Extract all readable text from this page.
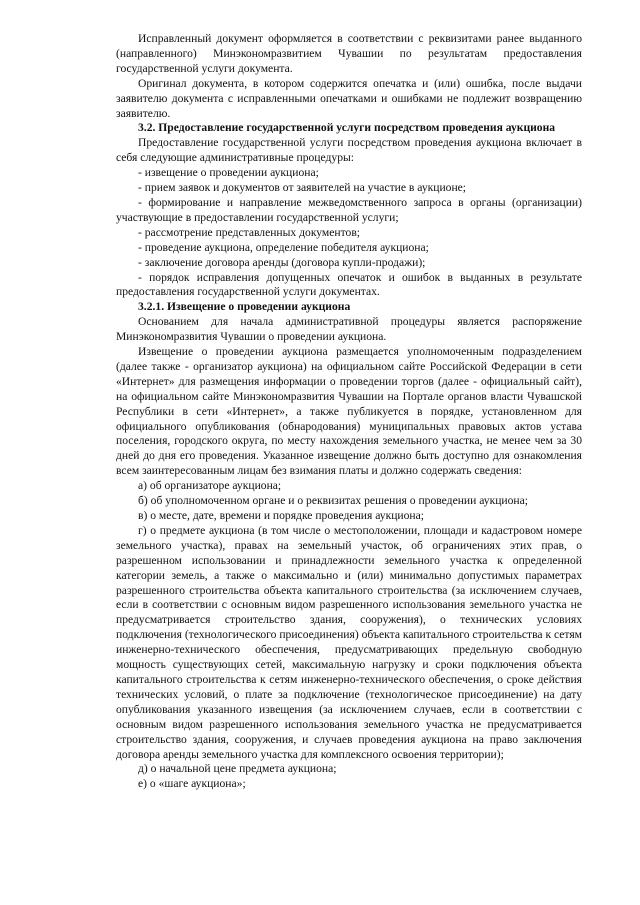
Исправленный документ оформляется в соответствии с реквизитами ранее выданного (направленного) Минэкономразвитием Чувашии по результатам предоставления государственной услуги документа.

Оригинал документа, в котором содержится опечатка и (или) ошибка, после выдачи заявителю документа с исправленными опечатками и ошибками не подлежит возвращению заявителю.

3.2. Предоставление государственной услуги посредством проведения аукциона

Предоставление государственной услуги посредством проведения аукциона включает в себя следующие административные процедуры:

- извещение о проведении аукциона;

- прием заявок и документов от заявителей на участие в аукционе;

- формирование и направление межведомственного запроса в органы (организации) участвующие в предоставлении государственной услуги;

- рассмотрение представленных документов;

- проведение аукциона, определение победителя аукциона;

- заключение договора аренды (договора купли-продажи);

- порядок исправления допущенных опечаток и ошибок в выданных в результате предоставления государственной услуги документах.

3.2.1. Извещение о проведении аукциона

Основанием для начала административной процедуры является распоряжение Минэкономразвития Чувашии о проведении аукциона.

Извещение о проведении аукциона размещается уполномоченным подразделением (далее также - организатор аукциона) на официальном сайте Российской Федерации в сети «Интернет» для размещения информации о проведении торгов (далее - официальный сайт), на официальном сайте Минэкономразвития Чувашии на Портале органов власти Чувашской Республики в сети «Интернет», а также публикуется в порядке, установленном для официального опубликования (обнародования) муниципальных правовых актов устава поселения, городского округа, по месту нахождения земельного участка, не менее чем за 30 дней до дня его проведения. Указанное извещение должно быть доступно для ознакомления всем заинтересованным лицам без взимания платы и должно содержать сведения:

а) об организаторе аукциона;

б) об уполномоченном органе и о реквизитах решения о проведении аукциона;

в) о месте, дате, времени и порядке проведения аукциона;

г) о предмете аукциона (в том числе о местоположении, площади и кадастровом номере земельного участка), правах на земельный участок, об ограничениях этих прав, о разрешенном использовании и принадлежности земельного участка к определенной категории земель, а также о максимально и (или) минимально допустимых параметрах разрешенного строительства объекта капитального строительства (за исключением случаев, если в соответствии с основным видом разрешенного использования земельного участка не предусматривается строительство здания, сооружения), о технических условиях подключения (технологического присоединения) объекта капитального строительства к сетям инженерно-технического обеспечения, предусматривающих предельную свободную мощность существующих сетей, максимальную нагрузку и сроки подключения объекта капитального строительства к сетям инженерно-технического обеспечения, о сроке действия технических условий, о плате за подключение (технологическое присоединение) на дату опубликования указанного извещения (за исключением случаев, если в соответствии с основным видом разрешенного использования земельного участка не предусматривается строительство здания, сооружения, и случаев проведения аукциона на право заключения договора аренды земельного участка для комплексного освоения территории);

д) о начальной цене предмета аукциона;

е) о «шаге аукциона»;
